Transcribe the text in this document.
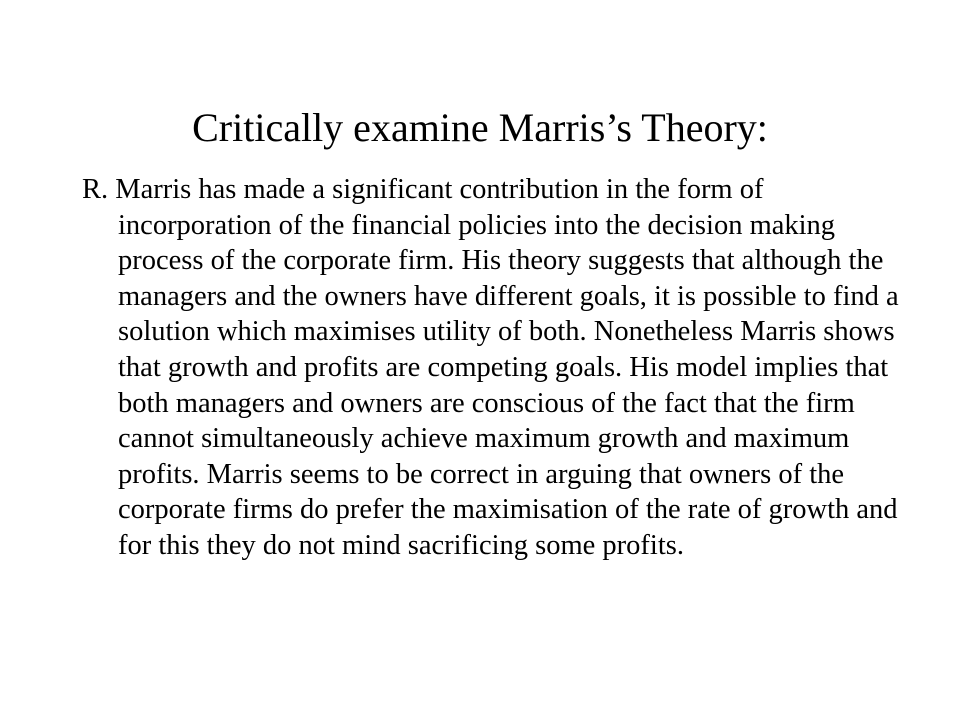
Critically examine Marris’s Theory:

R. Marris has made a significant contribution in the form of incorporation of the financial policies into the decision making process of the corporate firm. His theory suggests that although the managers and the owners have different goals, it is possible to find a solution which maximises utility of both. Nonetheless Marris shows that growth and profits are competing goals. His model implies that both managers and owners are conscious of the fact that the firm cannot simultaneously achieve maximum growth and maximum profits. Marris seems to be correct in arguing that owners of the corporate firms do prefer the maximisation of the rate of growth and for this they do not mind sacrificing some profits.
